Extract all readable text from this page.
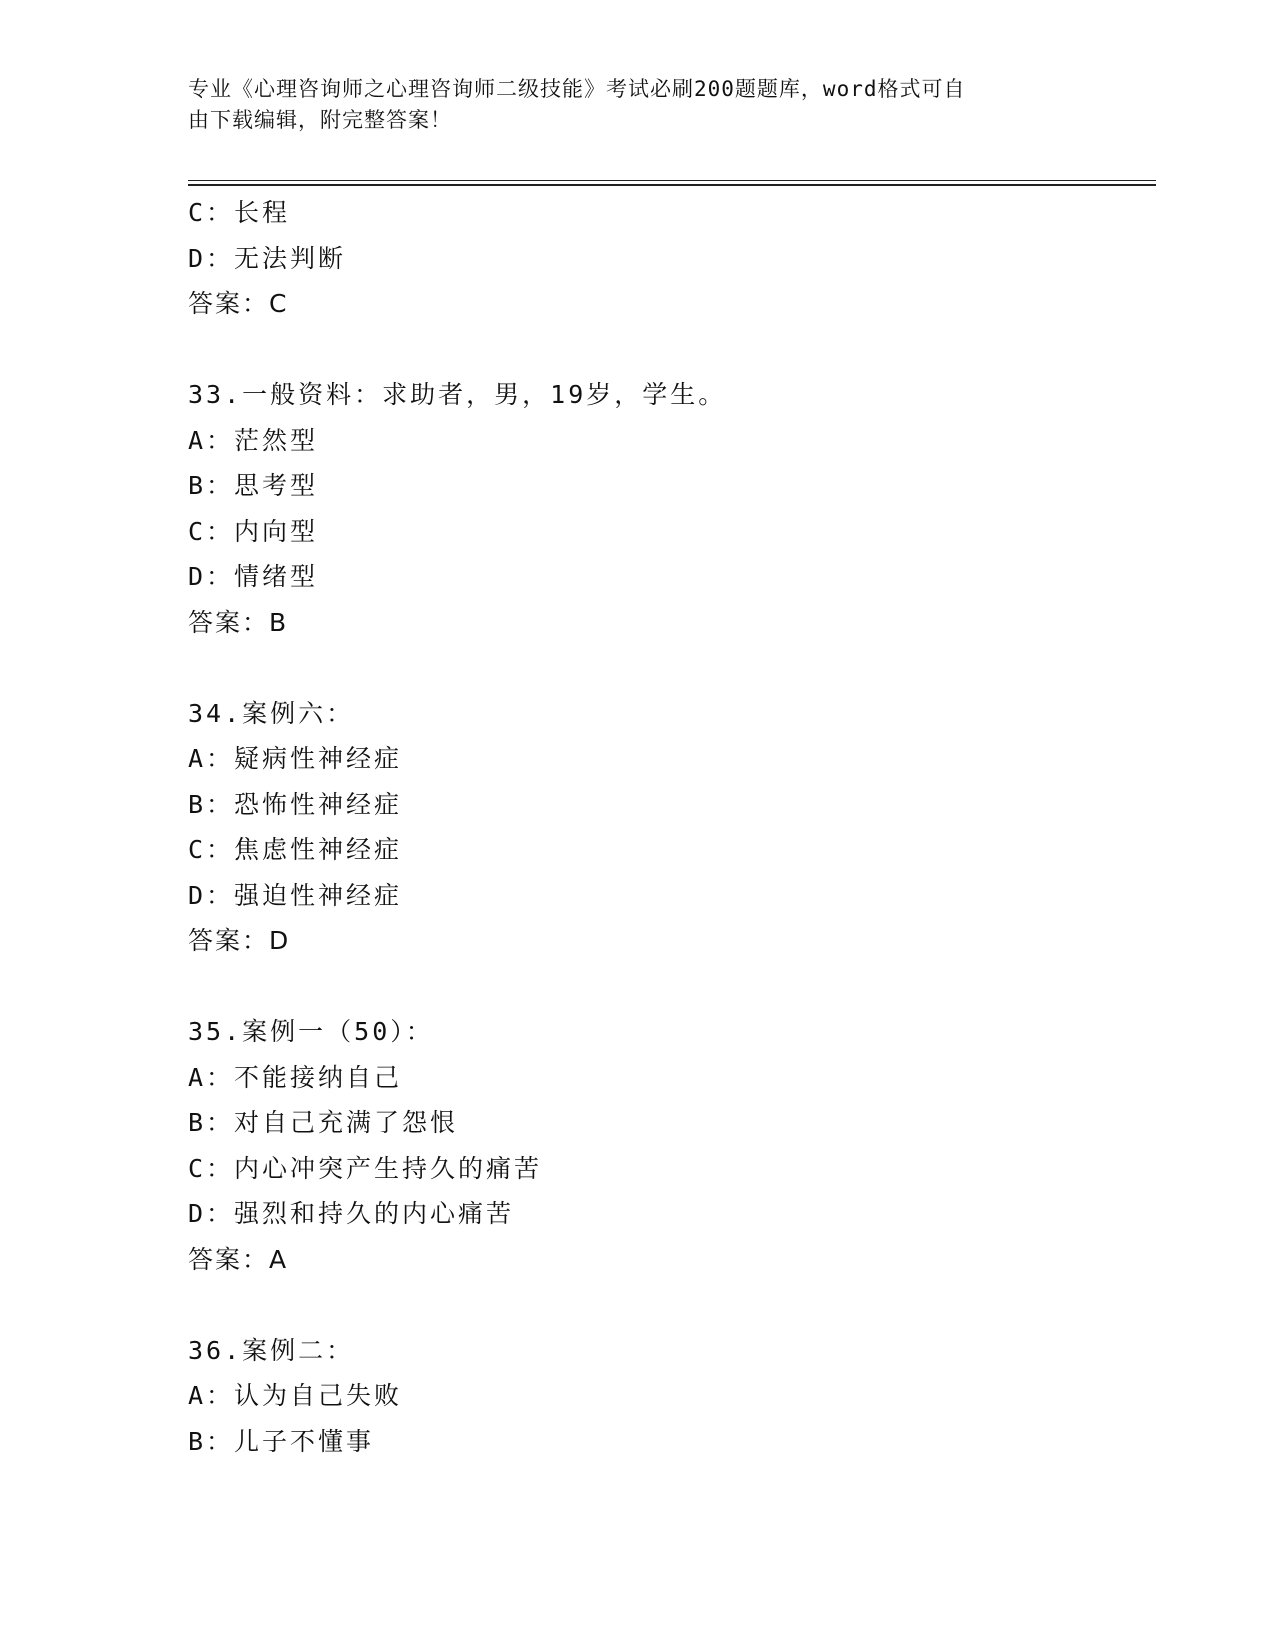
专业《心理咨询师之心理咨询师二级技能》考试必刷200题题库，word格式可自
由下载编辑，附完整答案！
C：长程
D：无法判断
答案：C
33.一般资料：求助者，男，19岁，学生。
A：茫然型
B：思考型
C：内向型
D：情绪型
答案：B
34.案例六：
A：疑病性神经症
B：恐怖性神经症
C：焦虑性神经症
D：强迫性神经症
答案：D
35.案例一（50）：
A：不能接纳自己
B：对自己充满了怨恨
C：内心冲突产生持久的痛苦
D：强烈和持久的内心痛苦
答案：A
36.案例二：
A：认为自己失败
B：儿子不懂事
